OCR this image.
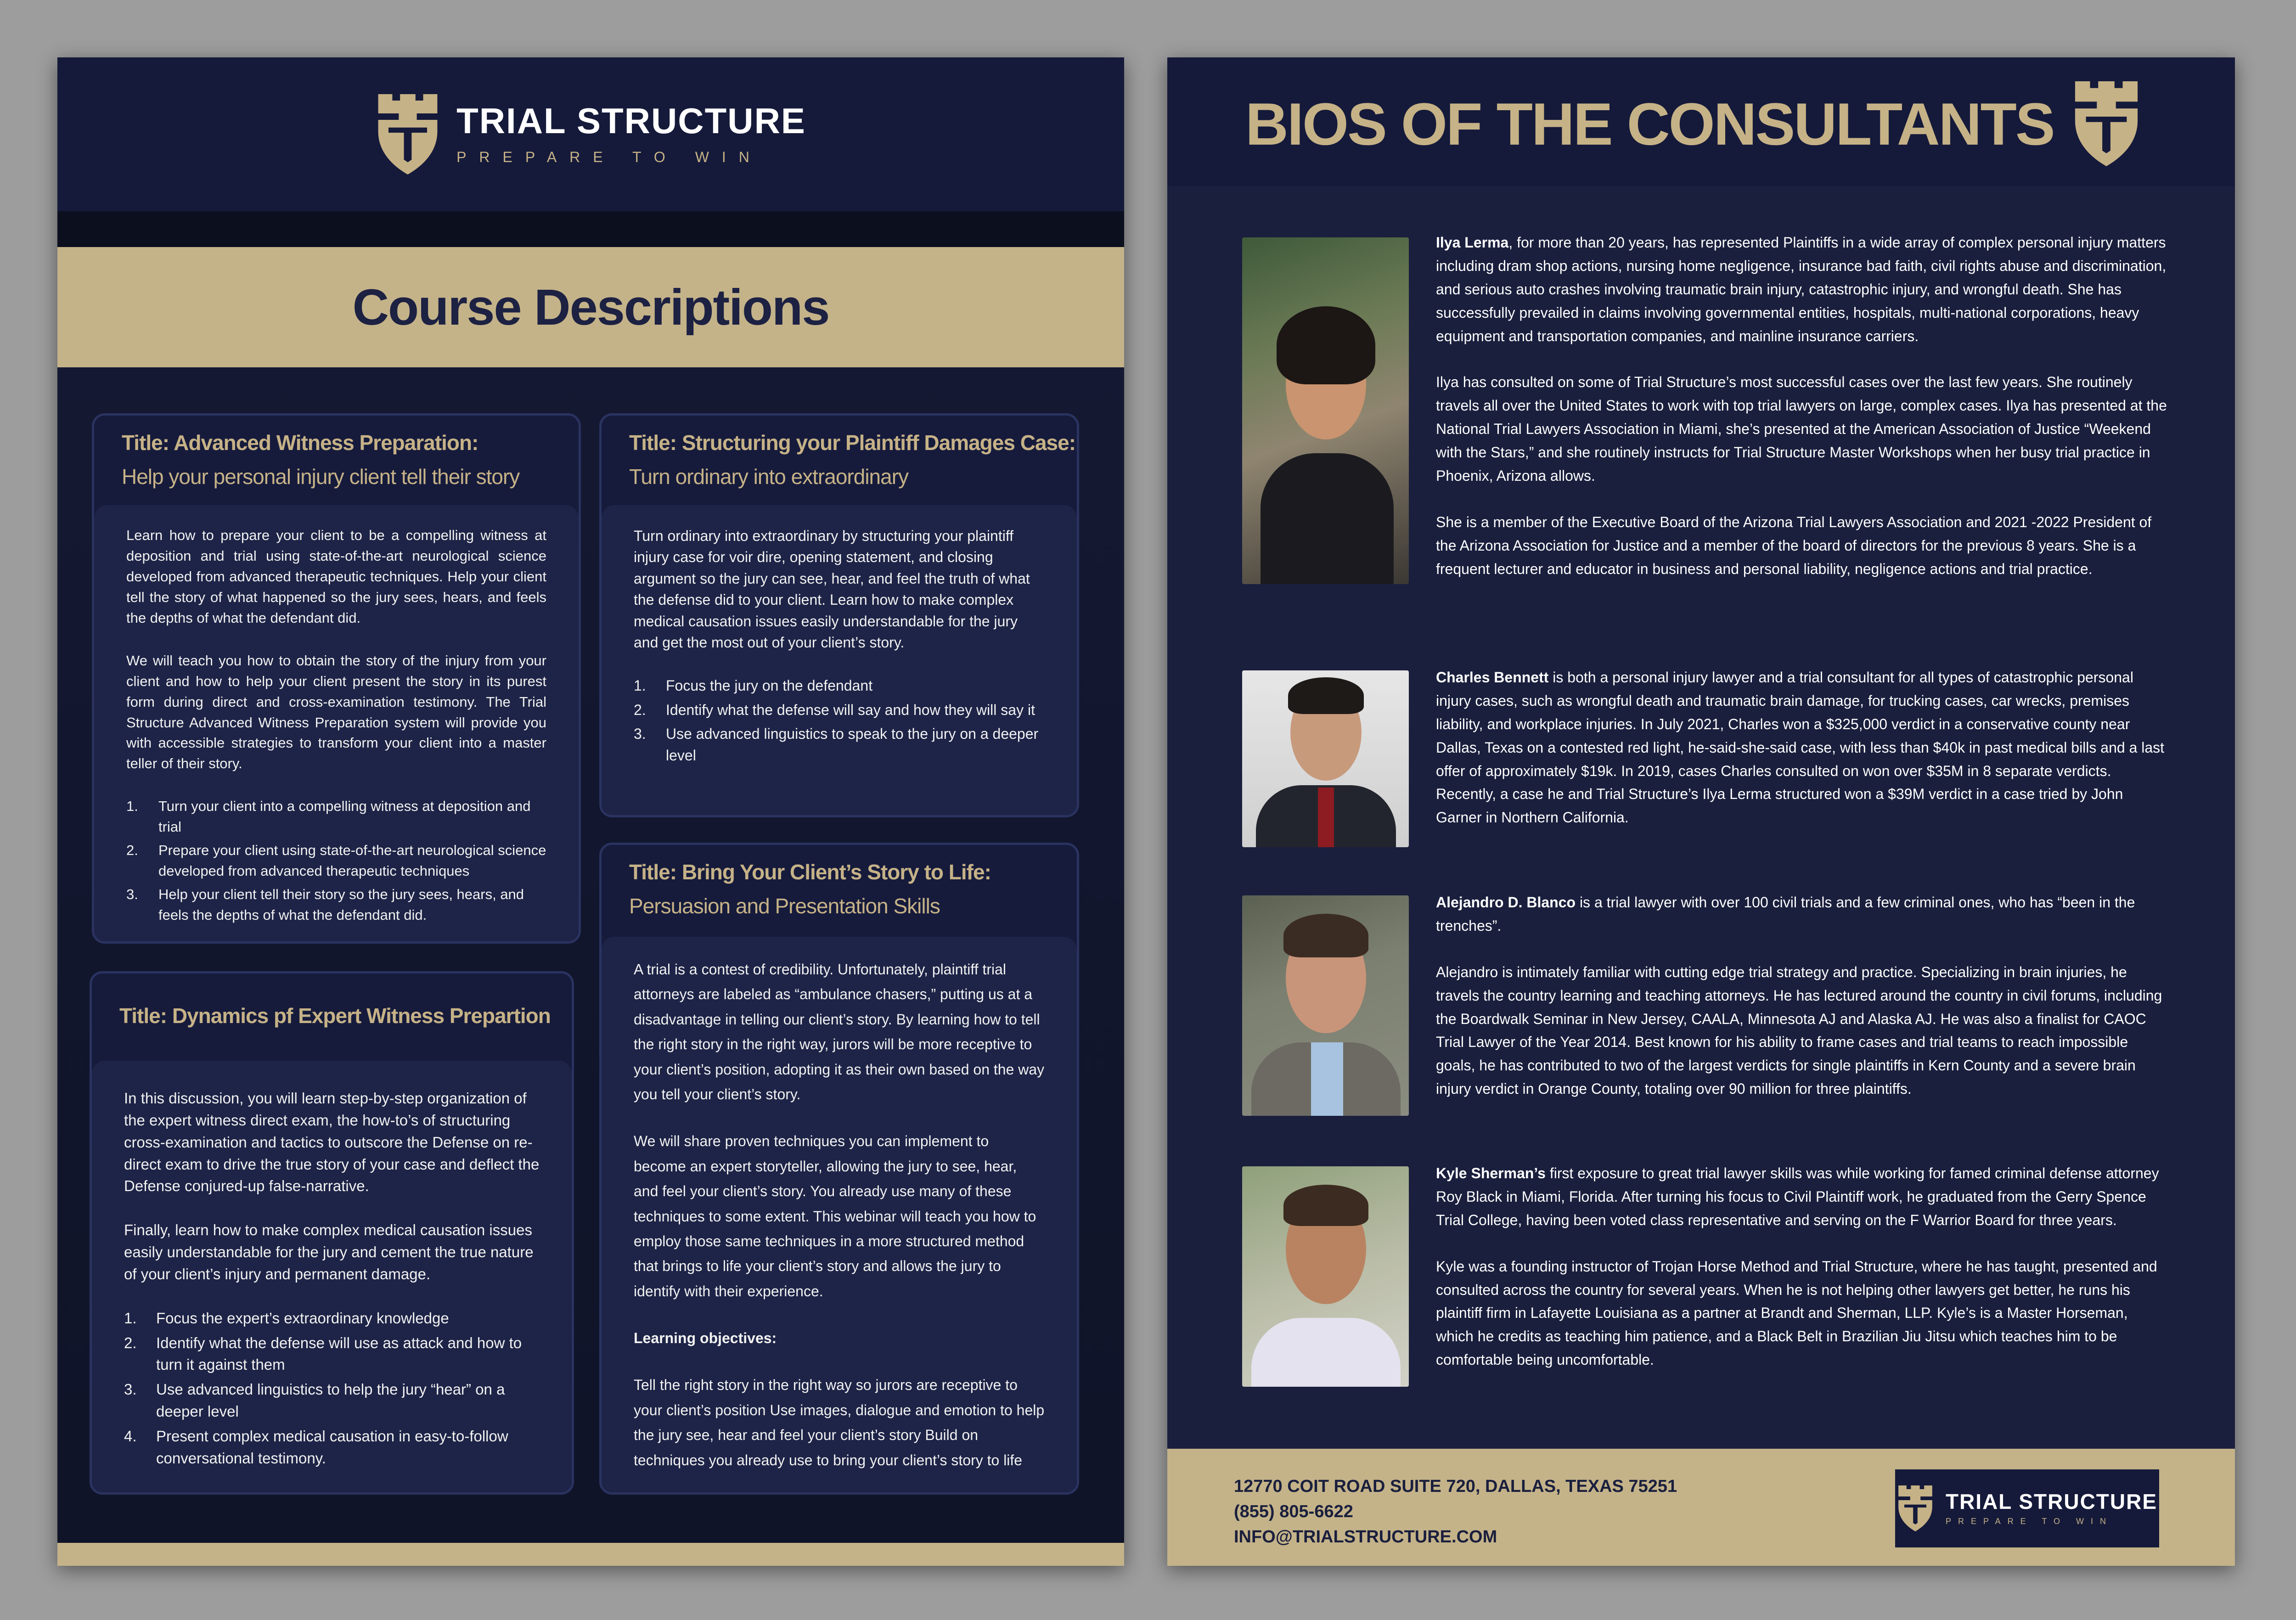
TRIAL STRUCTURE
PREPARE TO WIN
Course Descriptions
Title: Advanced Witness Preparation:
Help your personal injury client tell their story

Learn how to prepare your client to be a compelling witness at deposition and trial using state-of-the-art neurological science developed from advanced therapeutic techniques. Help your client tell the story of what happened so the jury sees, hears, and feels the depths of what the defendant did.

We will teach you how to obtain the story of the injury from your client and how to help your client present the story in its purest form during direct and cross-examination testimony. The Trial Structure Advanced Witness Preparation system will provide you with accessible strategies to transform your client into a master teller of their story.

1.	Turn your client into a compelling witness at deposition and trial
2.	Prepare your client using state-of-the-art neurological science developed from advanced therapeutic techniques
3.	Help your client tell their story so the jury sees, hears, and feels the depths of what the defendant did.
Title: Dynamics pf Expert Witness Prepartion

In this discussion, you will learn step-by-step organization of the expert witness direct exam, the how-to’s of structuring cross-examination and tactics to outscore the Defense on re-direct exam to drive the true story of your case and deflect the Defense conjured-up false-narrative.

Finally, learn how to make complex medical causation issues easily understandable for the jury and cement the true nature of your client’s injury and permanent damage.

1.	Focus the expert’s extraordinary knowledge
2.	Identify what the defense will use as attack and how to turn it against them
3.	Use advanced linguistics to help the jury “hear” on a deeper level
4.	Present complex medical causation in easy-to-follow conversational testimony.
Title: Structuring your Plaintiff Damages Case:
Turn ordinary into extraordinary

Turn ordinary into extraordinary by structuring your plaintiff injury case for voir dire, opening statement, and closing argument so the jury can see, hear, and feel the truth of what the defense did to your client. Learn how to make complex medical causation issues easily understandable for the jury and get the most out of your client’s story.

1.	Focus the jury on the defendant
2.	Identify what the defense will say and how they will say it
3.	Use advanced linguistics to speak to the jury on a deeper level
Title: Bring Your Client’s Story to Life:
Persuasion and Presentation Skills

A trial is a contest of credibility. Unfortunately, plaintiff trial attorneys are labeled as “ambulance chasers,” putting us at a disadvantage in telling our client’s story. By learning how to tell the right story in the right way, jurors will be more receptive to your client’s position, adopting it as their own based on the way you tell your client’s story.

We will share proven techniques you can implement to become an expert storyteller, allowing the jury to see, hear, and feel your client’s story. You already use many of these techniques to some extent. This webinar will teach you how to employ those same techniques in a more structured method that brings to life your client’s story and allows the jury to identify with their experience.

Learning objectives:

Tell the right story in the right way so jurors are receptive to your client’s position Use images, dialogue and emotion to help the jury see, hear and feel your client’s story Build on techniques you already use to bring your client’s story to life

BIOS OF THE CONSULTANTS

Ilya Lerma, for more than 20 years, has represented Plaintiffs in a wide array of complex personal injury matters including dram shop actions, nursing home negligence, insurance bad faith, civil rights abuse and discrimination, and serious auto crashes involving traumatic brain injury, catastrophic injury, and wrongful death. She has successfully prevailed in claims involving governmental entities, hospitals, multi-national corporations, heavy equipment and transportation companies, and mainline insurance carriers.

Ilya has consulted on some of Trial Structure’s most successful cases over the last few years. She routinely travels all over the United States to work with top trial lawyers on large, complex cases. Ilya has presented at the National Trial Lawyers Association in Miami, she’s presented at the American Association of Justice “Weekend with the Stars,” and she routinely instructs for Trial Structure Master Workshops when her busy trial practice in Phoenix, Arizona allows.

She is a member of the Executive Board of the Arizona Trial Lawyers Association and 2021 -2022 President of the Arizona Association for Justice and a member of the board of directors for the previous 8 years. She is a frequent lecturer and educator in business and personal liability, negligence actions and trial practice.

Charles Bennett is both a personal injury lawyer and a trial consultant for all types of catastrophic personal injury cases, such as wrongful death and traumatic brain damage, for trucking cases, car wrecks, premises liability, and workplace injuries. In July 2021, Charles won a $325,000 verdict in a conservative county near Dallas, Texas on a contested red light, he-said-she-said case, with less than $40k in past medical bills and a last offer of approximately $19k. In 2019, cases Charles consulted on won over $35M in 8 separate verdicts. Recently, a case he and Trial Structure’s Ilya Lerma structured won a $39M verdict in a case tried by John Garner in Northern California.

Alejandro D. Blanco is a trial lawyer with over 100 civil trials and a few criminal ones, who has “been in the trenches”.

Alejandro is intimately familiar with cutting edge trial strategy and practice. Specializing in brain injuries, he travels the country learning and teaching attorneys. He has lectured around the country in civil forums, including the Boardwalk Seminar in New Jersey, CAALA, Minnesota AJ and Alaska AJ. He was also a finalist for CAOC Trial Lawyer of the Year 2014. Best known for his ability to frame cases and trial teams to reach impossible goals, he has contributed to two of the largest verdicts for single plaintiffs in Kern County and a severe brain injury verdict in Orange County, totaling over 90 million for three plaintiffs.

Kyle Sherman’s first exposure to great trial lawyer skills was while working for famed criminal defense attorney Roy Black in Miami, Florida. After turning his focus to Civil Plaintiff work, he graduated from the Gerry Spence Trial College, having been voted class representative and serving on the F Warrior Board for three years.

Kyle was a founding instructor of Trojan Horse Method and Trial Structure, where he has taught, presented and consulted across the country for several years. When he is not helping other lawyers get better, he runs his plaintiff firm in Lafayette Louisiana as a partner at Brandt and Sherman, LLP. Kyle’s is a Master Horseman, which he credits as teaching him patience, and a Black Belt in Brazilian Jiu Jitsu which teaches him to be comfortable being uncomfortable.

12770 COIT ROAD SUITE 720, DALLAS, TEXAS 75251
(855) 805-6622
INFO@TRIALSTRUCTURE.COM
TRIAL STRUCTURE
PREPARE TO WIN
